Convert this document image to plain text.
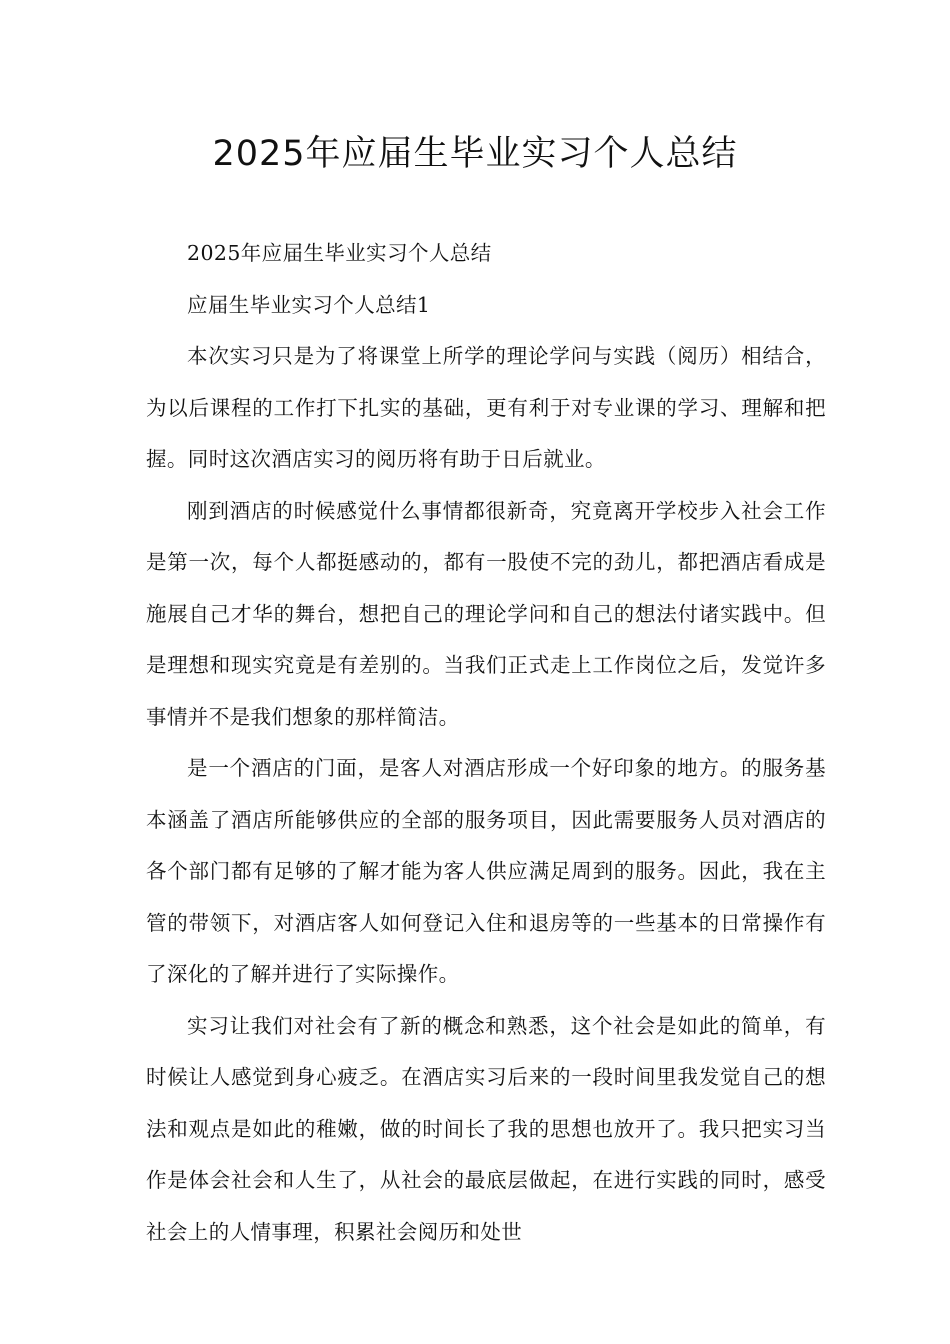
2025年应届生毕业实习个人总结

2025年应届生毕业实习个人总结

应届生毕业实习个人总结1

本次实习只是为了将课堂上所学的理论学问与实践（阅历）相结合，为以后课程的工作打下扎实的基础，更有利于对专业课的学习、理解和把握。同时这次酒店实习的阅历将有助于日后就业。

刚到酒店的时候感觉什么事情都很新奇，究竟离开学校步入社会工作是第一次，每个人都挺感动的，都有一股使不完的劲儿，都把酒店看成是施展自己才华的舞台，想把自己的理论学问和自己的想法付诸实践中。但是理想和现实究竟是有差别的。当我们正式走上工作岗位之后，发觉许多事情并不是我们想象的那样简洁。

是一个酒店的门面，是客人对酒店形成一个好印象的地方。的服务基本涵盖了酒店所能够供应的全部的服务项目，因此需要服务人员对酒店的各个部门都有足够的了解才能为客人供应满足周到的服务。因此，我在主管的带领下，对酒店客人如何登记入住和退房等的一些基本的日常操作有了深化的了解并进行了实际操作。

实习让我们对社会有了新的概念和熟悉，这个社会是如此的简单，有时候让人感觉到身心疲乏。在酒店实习后来的一段时间里我发觉自己的想法和观点是如此的稚嫩，做的时间长了我的思想也放开了。我只把实习当作是体会社会和人生了，从社会的最底层做起，在进行实践的同时，感受社会上的人情事理，积累社会阅历和处世
